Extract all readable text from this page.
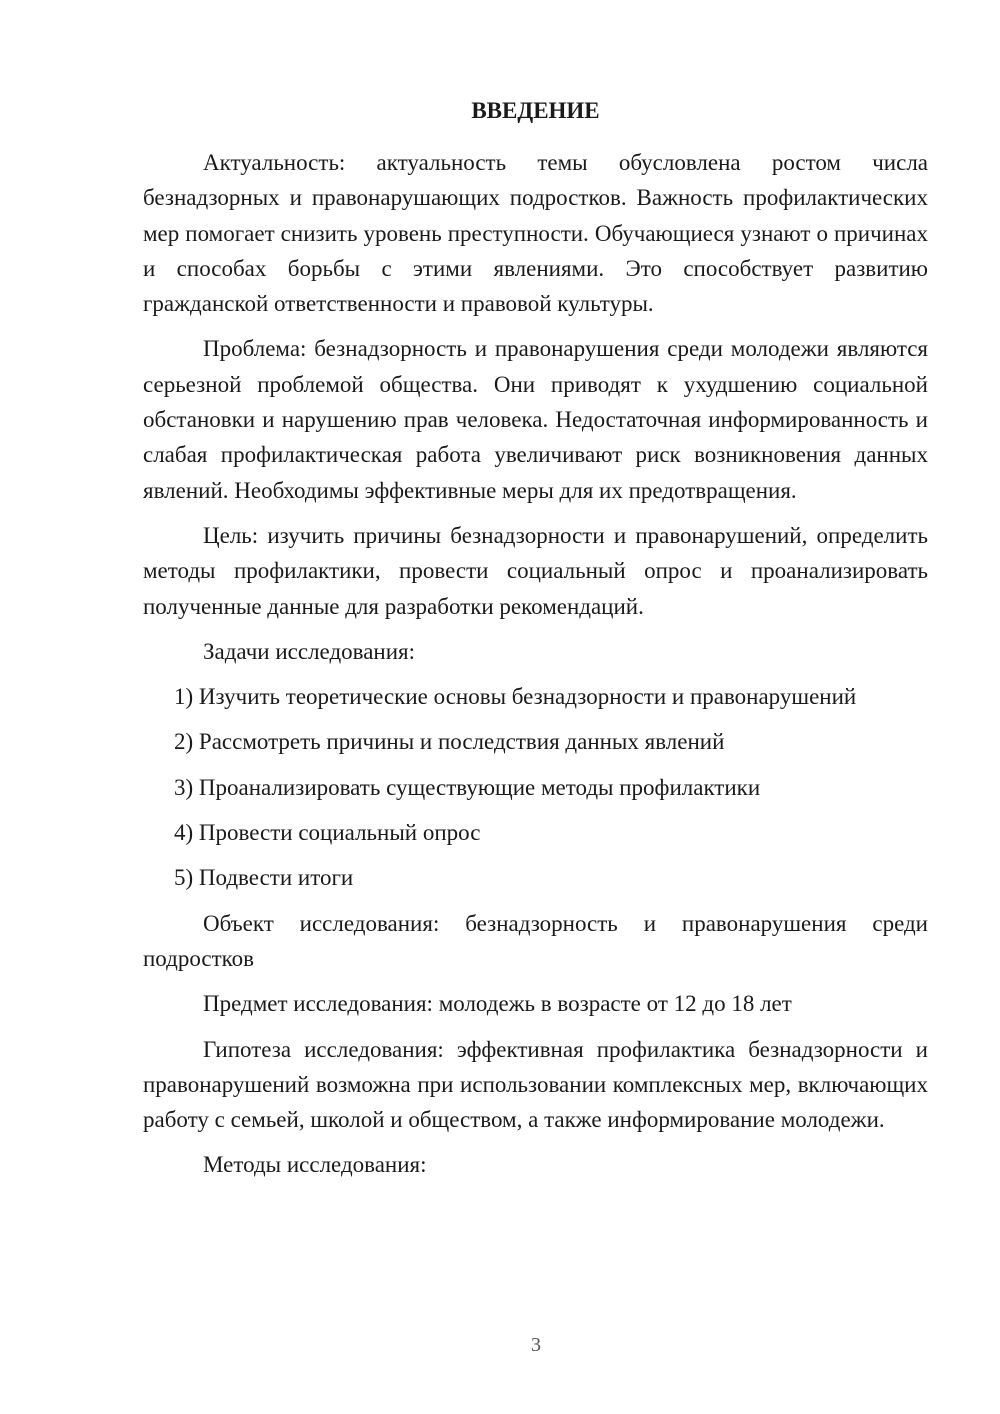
ВВЕДЕНИЕ

Актуальность: актуальность темы обусловлена ростом числа безнадзорных и правонарушающих подростков. Важность профилактических мер помогает снизить уровень преступности. Обучающиеся узнают о причинах и способах борьбы с этими явлениями. Это способствует развитию гражданской ответственности и правовой культуры.

Проблема: безнадзорность и правонарушения среди молодежи являются серьезной проблемой общества. Они приводят к ухудшению социальной обстановки и нарушению прав человека. Недостаточная информированность и слабая профилактическая работа увеличивают риск возникновения данных явлений. Необходимы эффективные меры для их предотвращения.

Цель: изучить причины безнадзорности и правонарушений, определить методы профилактики, провести социальный опрос и проанализировать полученные данные для разработки рекомендаций.

Задачи исследования:

1) Изучить теоретические основы безнадзорности и правонарушений
2) Рассмотреть причины и последствия данных явлений
3) Проанализировать существующие методы профилактики
4) Провести социальный опрос
5) Подвести итоги

Объект исследования: безнадзорность и правонарушения среди подростков

Предмет исследования: молодежь в возрасте от 12 до 18 лет

Гипотеза исследования: эффективная профилактика безнадзорности и правонарушений возможна при использовании комплексных мер, включающих работу с семьей, школой и обществом, а также информирование молодежи.

Методы исследования:

3
